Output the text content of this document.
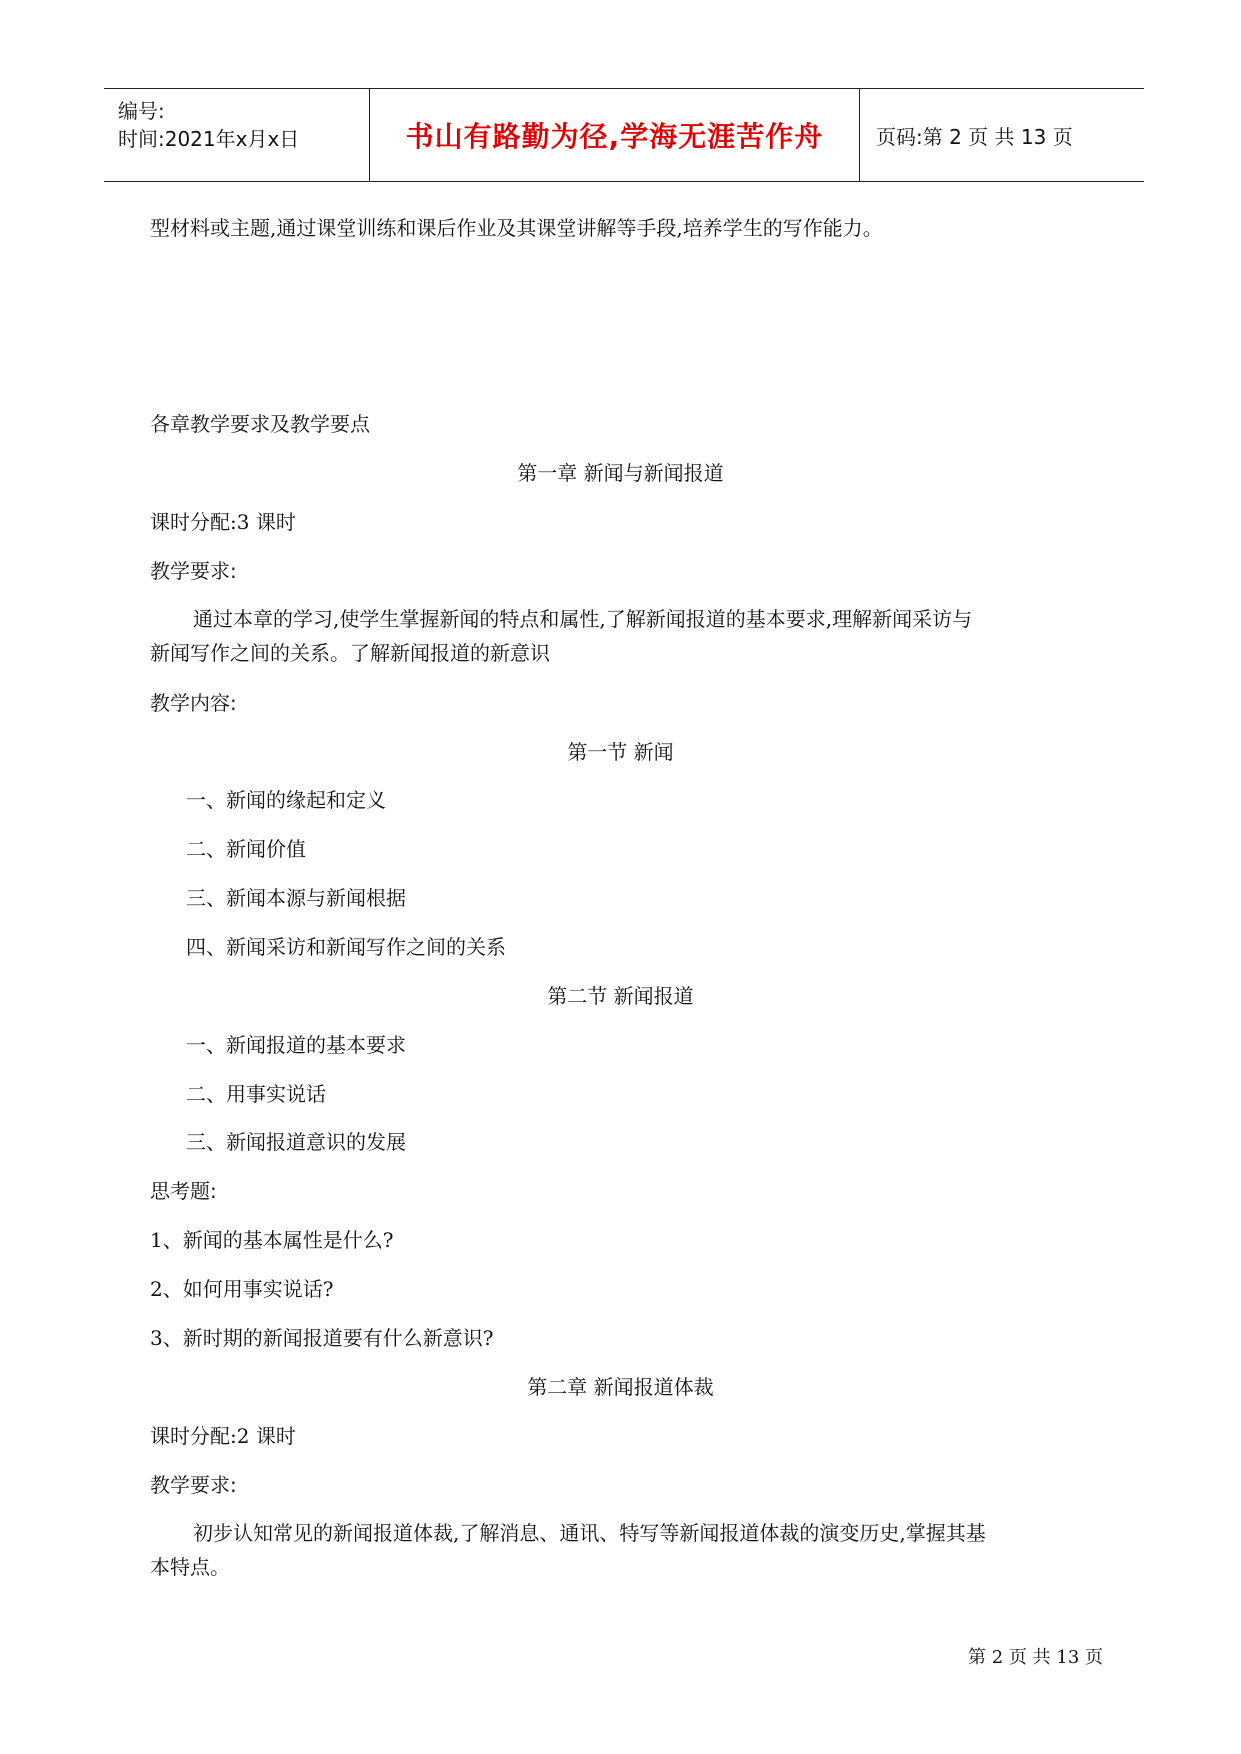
编号:
时间:2021年x月x日	书山有路勤为径,学海无涯苦作舟	页码:第 2 页 共 13 页
型材料或主题,通过课堂训练和课后作业及其课堂讲解等手段,培养学生的写作能力。
各章教学要求及教学要点
第一章 新闻与新闻报道
课时分配:3 课时
教学要求:
通过本章的学习,使学生掌握新闻的特点和属性,了解新闻报道的基本要求,理解新闻采访与
新闻写作之间的关系。了解新闻报道的新意识
教学内容:
第一节 新闻
一、新闻的缘起和定义
二、新闻价值
三、新闻本源与新闻根据
四、新闻采访和新闻写作之间的关系
第二节 新闻报道
一、新闻报道的基本要求
二、用事实说话
三、新闻报道意识的发展
思考题:
1、新闻的基本属性是什么?
2、如何用事实说话?
3、新时期的新闻报道要有什么新意识?
第二章 新闻报道体裁
课时分配:2 课时
教学要求:
初步认知常见的新闻报道体裁,了解消息、通讯、特写等新闻报道体裁的演变历史,掌握其基
本特点。
第 2 页 共 13 页
